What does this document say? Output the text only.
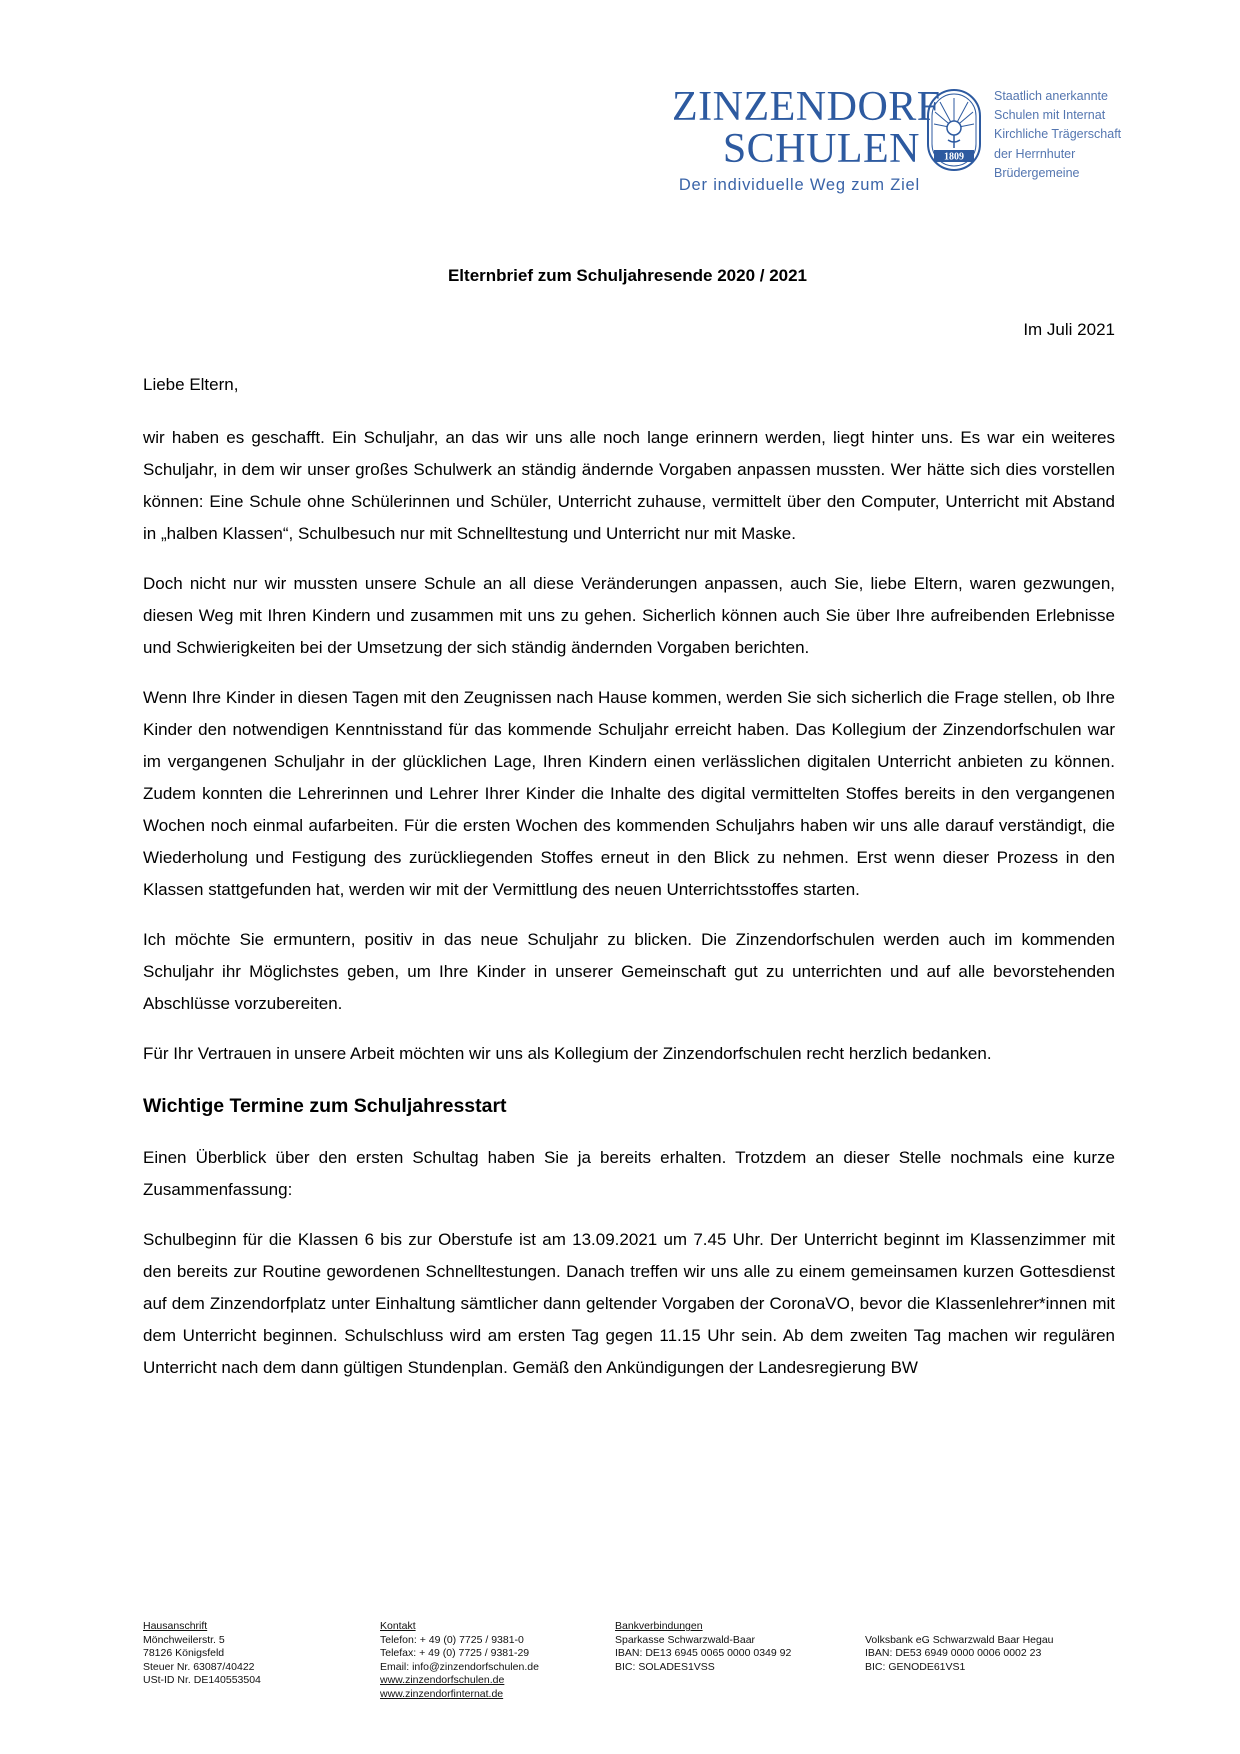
ZINZENDORF
SCHULEN
Der individuelle Weg zum Ziel
1809
Staatlich anerkannte
Schulen mit Internat
Kirchliche Trägerschaft
der Herrnhuter
Brüdergemeine
Elternbrief zum Schuljahresende 2020 / 2021
Im Juli 2021
Liebe Eltern,

wir haben es geschafft. Ein Schuljahr, an das wir uns alle noch lange erinnern werden, liegt hinter uns. Es war ein weiteres Schuljahr, in dem wir unser großes Schulwerk an ständig ändernde Vorgaben anpassen mussten. Wer hätte sich dies vorstellen können: Eine Schule ohne Schülerinnen und Schüler, Unterricht zuhause, vermittelt über den Computer, Unterricht mit Abstand in „halben Klassen“, Schulbesuch nur mit Schnelltestung und Unterricht nur mit Maske.

Doch nicht nur wir mussten unsere Schule an all diese Veränderungen anpassen, auch Sie, liebe Eltern, waren gezwungen, diesen Weg mit Ihren Kindern und zusammen mit uns zu gehen. Sicherlich können auch Sie über Ihre aufreibenden Erlebnisse und Schwierigkeiten bei der Umsetzung der sich ständig ändernden Vorgaben berichten.

Wenn Ihre Kinder in diesen Tagen mit den Zeugnissen nach Hause kommen, werden Sie sich sicherlich die Frage stellen, ob Ihre Kinder den notwendigen Kenntnisstand für das kommende Schuljahr erreicht haben. Das Kollegium der Zinzendorfschulen war im vergangenen Schuljahr in der glücklichen Lage, Ihren Kindern einen verlässlichen digitalen Unterricht anbieten zu können. Zudem konnten die Lehrerinnen und Lehrer Ihrer Kinder die Inhalte des digital vermittelten Stoffes bereits in den vergangenen Wochen noch einmal aufarbeiten. Für die ersten Wochen des kommenden Schuljahrs haben wir uns alle darauf verständigt, die Wiederholung und Festigung des zurückliegenden Stoffes erneut in den Blick zu nehmen. Erst wenn dieser Prozess in den Klassen stattgefunden hat, werden wir mit der Vermittlung des neuen Unterrichtsstoffes starten.

Ich möchte Sie ermuntern, positiv in das neue Schuljahr zu blicken. Die Zinzendorfschulen werden auch im kommenden Schuljahr ihr Möglichstes geben, um Ihre Kinder in unserer Gemeinschaft gut zu unterrichten und auf alle bevorstehenden Abschlüsse vorzubereiten.

Für Ihr Vertrauen in unsere Arbeit möchten wir uns als Kollegium der Zinzendorfschulen recht herzlich bedanken.

Wichtige Termine zum Schuljahresstart

Einen Überblick über den ersten Schultag haben Sie ja bereits erhalten. Trotzdem an dieser Stelle nochmals eine kurze Zusammenfassung:

Schulbeginn für die Klassen 6 bis zur Oberstufe ist am 13.09.2021 um 7.45 Uhr. Der Unterricht beginnt im Klassenzimmer mit den bereits zur Routine gewordenen Schnelltestungen. Danach treffen wir uns alle zu einem gemeinsamen kurzen Gottesdienst auf dem Zinzendorfplatz unter Einhaltung sämtlicher dann geltender Vorgaben der CoronaVO, bevor die Klassenlehrer*innen mit dem Unterricht beginnen. Schulschluss wird am ersten Tag gegen 11.15 Uhr sein. Ab dem zweiten Tag machen wir regulären Unterricht nach dem dann gültigen Stundenplan. Gemäß den Ankündigungen der Landesregierung BW

Hausanschrift
Mönchweilerstr. 5
78126 Königsfeld
Steuer Nr. 63087/40422
USt-ID Nr. DE140553504
Kontakt
Telefon: + 49 (0) 7725 / 9381-0
Telefax: + 49 (0) 7725 / 9381-29
Email: info@zinzendorfschulen.de
www.zinzendorfschulen.de
www.zinzendorfinternat.de
Bankverbindungen
Sparkasse Schwarzwald-Baar
IBAN: DE13 6945 0065 0000 0349 92
BIC: SOLADES1VSS
Volksbank eG Schwarzwald Baar Hegau
IBAN: DE53 6949 0000 0006 0002 23
BIC: GENODE61VS1
